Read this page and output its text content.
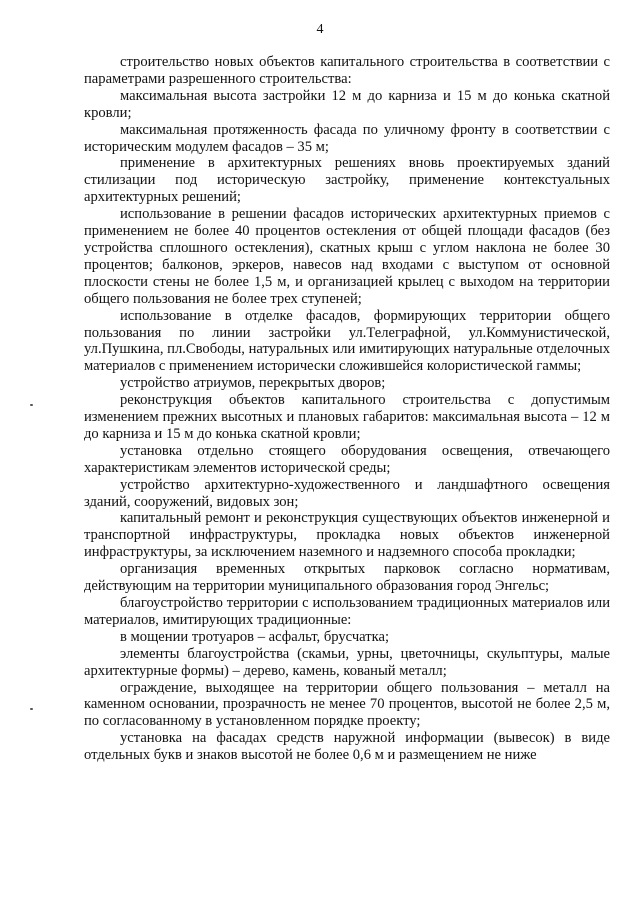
4

строительство новых объектов капитального строительства в соответствии с параметрами разрешенного строительства:

максимальная высота застройки 12 м до карниза и 15 м до конька скатной кровли;

максимальная протяженность фасада по уличному фронту в соответствии с историческим модулем фасадов – 35 м;

применение в архитектурных решениях вновь проектируемых зданий стилизации под историческую застройку, применение контекстуальных архитектурных решений;

использование в решении фасадов исторических архитектурных приемов с применением не более 40 процентов остекления от общей площади фасадов (без устройства сплошного остекления), скатных крыш с углом наклона не более 30 процентов; балконов, эркеров, навесов над входами с выступом от основной плоскости стены не более 1,5 м, и организацией крылец с выходом на территории общего пользования не более трех ступеней;

использование в отделке фасадов, формирующих территории общего пользования по линии застройки ул.Телеграфной, ул.Коммунистической, ул.Пушкина, пл.Свободы, натуральных или имитирующих натуральные отделочных материалов с применением исторически сложившейся колористической гаммы;

устройство атриумов, перекрытых дворов;

реконструкция объектов капитального строительства с допустимым изменением прежних высотных и плановых габаритов: максимальная высота – 12 м до карниза и 15 м до конька скатной кровли;

установка отдельно стоящего оборудования освещения, отвечающего характеристикам элементов исторической среды;

устройство архитектурно-художественного и ландшафтного освещения зданий, сооружений, видовых зон;

капитальный ремонт и реконструкция существующих объектов инженерной и транспортной инфраструктуры, прокладка новых объектов инженерной инфраструктуры, за исключением наземного и надземного способа прокладки;

организация временных открытых парковок согласно нормативам, действующим на территории муниципального образования город Энгельс;

благоустройство территории с использованием традиционных материалов или материалов, имитирующих традиционные:

в мощении тротуаров – асфальт, брусчатка;

элементы благоустройства (скамьи, урны, цветочницы, скульптуры, малые архитектурные формы) – дерево, камень, кованый металл;

ограждение, выходящее на территории общего пользования – металл на каменном основании, прозрачность не менее 70 процентов, высотой не более 2,5 м, по согласованному в установленном порядке проекту;

установка на фасадах средств наружной информации (вывесок) в виде отдельных букв и знаков высотой не более 0,6 м и размещением не ниже
